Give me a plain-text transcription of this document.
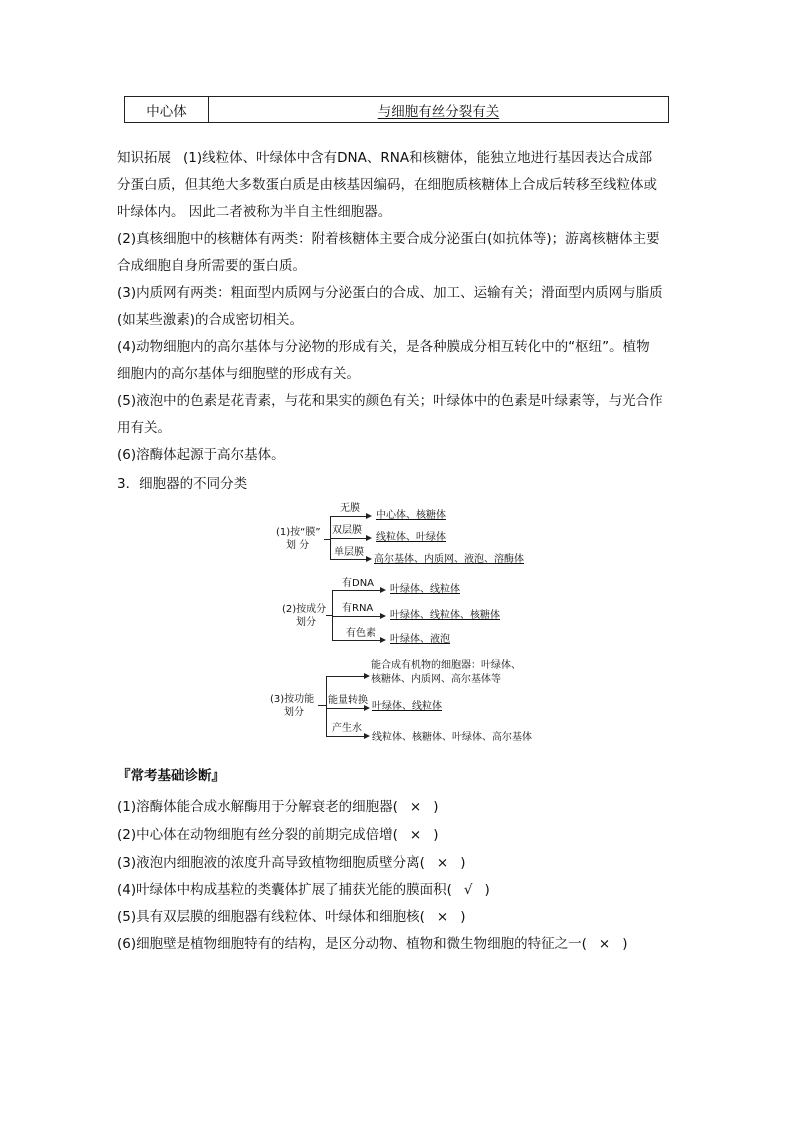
中心体	与细胞有丝分裂有关
知识拓展 (1)线粒体、叶绿体中含有DNA、RNA和核糖体，能独立地进行基因表达合成部
分蛋白质，但其绝大多数蛋白质是由核基因编码，在细胞质核糖体上合成后转移至线粒体或
叶绿体内。 因此二者被称为半自主性细胞器。
(2)真核细胞中的核糖体有两类：附着核糖体主要合成分泌蛋白(如抗体等)；游离核糖体主要
合成细胞自身所需要的蛋白质。
(3)内质网有两类：粗面型内质网与分泌蛋白的合成、加工、运输有关；滑面型内质网与脂质
(如某些激素)的合成密切相关。
(4)动物细胞内的高尔基体与分泌物的形成有关，是各种膜成分相互转化中的“枢纽”。植物
细胞内的高尔基体与细胞壁的形成有关。
(5)液泡中的色素是花青素，与花和果实的颜色有关；叶绿体中的色素是叶绿素等，与光合作
用有关。
(6)溶酶体起源于高尔基体。
3．细胞器的不同分类
(1)按“膜”
划 分
无膜
中心体、核糖体
双层膜
线粒体、叶绿体
单层膜
高尔基体、内质网、液泡、溶酶体
(2)按成分
划分
有DNA
叶绿体、线粒体
有RNA
叶绿体、线粒体、核糖体
有色素
叶绿体、液泡
(3)按功能
划分
能合成有机物的细胞器：叶绿体、
核糖体、内质网、高尔基体等
能量转换
叶绿体、线粒体
产生水
线粒体、核糖体、叶绿体、高尔基体
『常考基础诊断』
(1)溶酶体能合成水解酶用于分解衰老的细胞器( × )
(2)中心体在动物细胞有丝分裂的前期完成倍增( × )
(3)液泡内细胞液的浓度升高导致植物细胞质壁分离( × )
(4)叶绿体中构成基粒的类囊体扩展了捕获光能的膜面积( √ )
(5)具有双层膜的细胞器有线粒体、叶绿体和细胞核( × )
(6)细胞壁是植物细胞特有的结构，是区分动物、植物和微生物细胞的特征之一( × )
